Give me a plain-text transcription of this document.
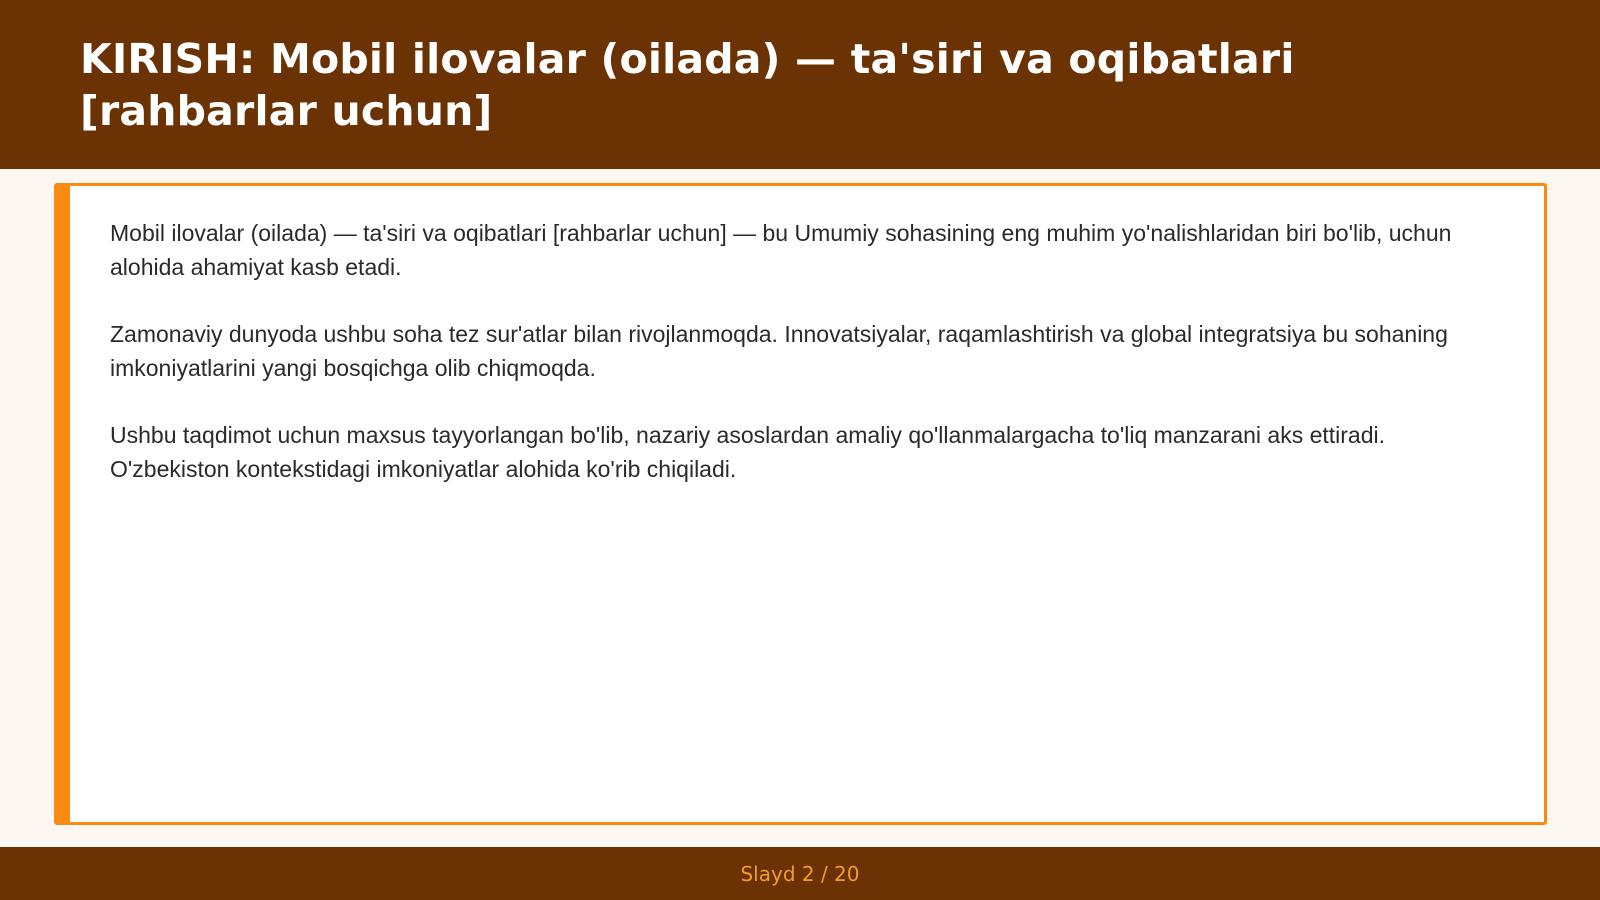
KIRISH: Mobil ilovalar (oilada) — ta'siri va oqibatlari [rahbarlar uchun]

Mobil ilovalar (oilada) — ta'siri va oqibatlari [rahbarlar uchun] — bu Umumiy sohasining eng muhim yo'nalishlaridan biri bo'lib, uchun alohida ahamiyat kasb etadi.

Zamonaviy dunyoda ushbu soha tez sur'atlar bilan rivojlanmoqda. Innovatsiyalar, raqamlashtirish va global integratsiya bu sohaning imkoniyatlarini yangi bosqichga olib chiqmoqda.

Ushbu taqdimot uchun maxsus tayyorlangan bo'lib, nazariy asoslardan amaliy qo'llanmalargacha to'liq manzarani aks ettiradi. O'zbekiston kontekstidagi imkoniyatlar alohida ko'rib chiqiladi.

Slayd 2 / 20
